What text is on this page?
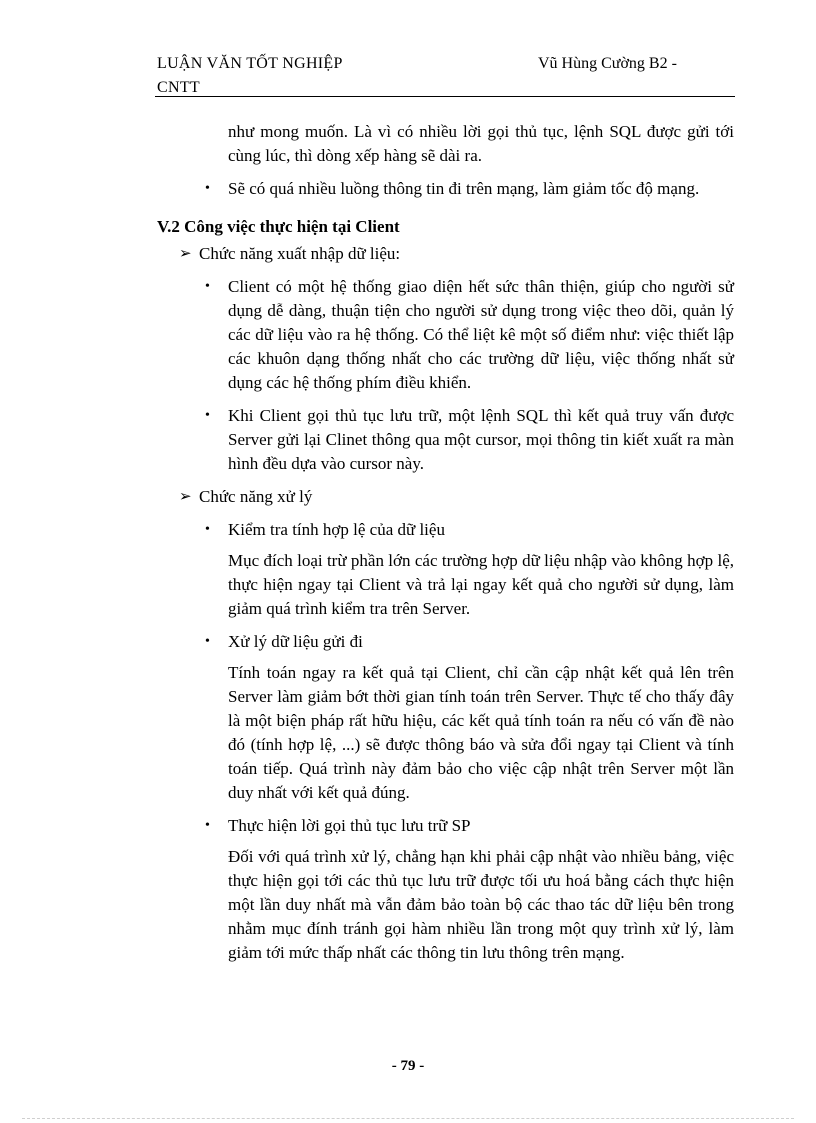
LUẬN VĂN TỐT NGHIỆP CNTT
Vũ Hùng Cường B2 -

như mong muốn. Là vì có nhiều lời gọi thủ tục, lệnh SQL được gửi tới cùng lúc, thì dòng xếp hàng sẽ dài ra.

• Sẽ có quá nhiều luồng thông tin đi trên mạng, làm giảm tốc độ mạng.

V.2 Công việc thực hiện tại Client

➢ Chức năng xuất nhập dữ liệu:
• Client có một hệ thống giao diện hết sức thân thiện, giúp cho người sử dụng dễ dàng, thuận tiện cho người sử dụng trong việc theo dõi, quản lý các dữ liệu vào ra hệ thống. Có thể liệt kê một số điểm như: việc thiết lập các khuôn dạng thống nhất cho các trường dữ liệu, việc thống nhất sử dụng các hệ thống phím điều khiển.
• Khi Client gọi thủ tục lưu trữ, một lệnh SQL thì kết quả truy vấn được Server gửi lại Clinet thông qua một cursor, mọi thông tin kiết xuất ra màn hình đều dựa vào cursor này.
➢ Chức năng xử lý
• Kiểm tra tính hợp lệ của dữ liệu

Mục đích loại trừ phần lớn các trường hợp dữ liệu nhập vào không hợp lệ, thực hiện ngay tại Client và trả lại ngay kết quả cho người sử dụng, làm giảm quá trình kiểm tra trên Server.

• Xử lý dữ liệu gửi đi

Tính toán ngay ra kết quả tại Client, chỉ cần cập nhật kết quả lên trên Server làm giảm bớt thời gian tính toán trên Server. Thực tế cho thấy đây là một biện pháp rất hữu hiệu, các kết quả tính toán ra nếu có vấn đề nào đó (tính hợp lệ, ...) sẽ được thông báo và sửa đổi ngay tại Client và tính toán tiếp. Quá trình này đảm bảo cho việc cập nhật trên Server một lần duy nhất với kết quả đúng.

• Thực hiện lời gọi thủ tục lưu trữ SP

Đối với quá trình xử lý, chẳng hạn khi phải cập nhật vào nhiều bảng, việc thực hiện gọi tới các thủ tục lưu trữ được tối ưu hoá bằng cách thực hiện một lần duy nhất mà vẫn đảm bảo toàn bộ các thao tác dữ liệu bên trong nhằm mục đính tránh gọi hàm nhiều lần trong một quy trình xử lý, làm giảm tới mức thấp nhất các thông tin lưu thông trên mạng.

- 79 -
